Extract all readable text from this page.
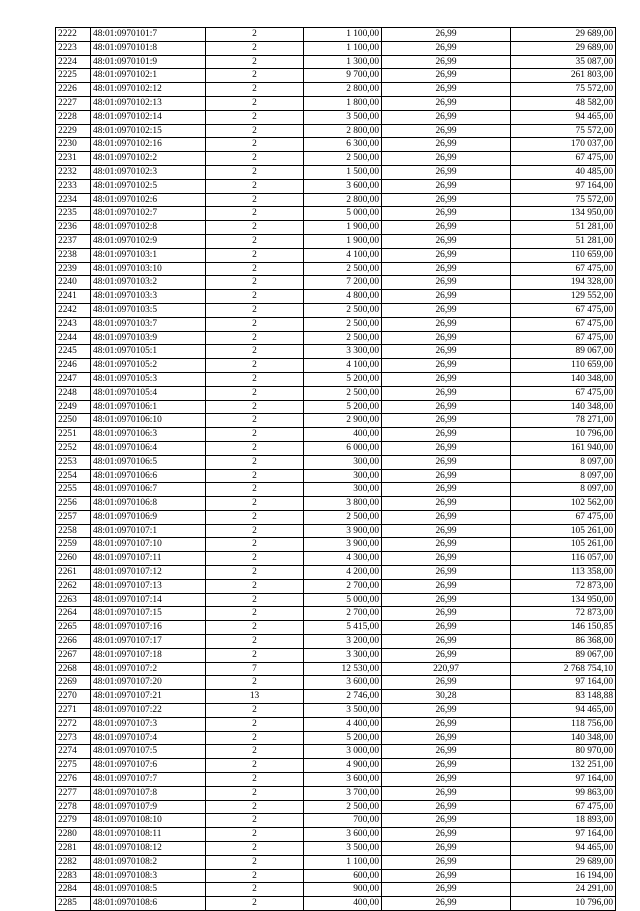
2222	48:01:0970101:7	2	1 100,00	26,99	29 689,00
2223	48:01:0970101:8	2	1 100,00	26,99	29 689,00
2224	48:01:0970101:9	2	1 300,00	26,99	35 087,00
2225	48:01:0970102:1	2	9 700,00	26,99	261 803,00
2226	48:01:0970102:12	2	2 800,00	26,99	75 572,00
2227	48:01:0970102:13	2	1 800,00	26,99	48 582,00
2228	48:01:0970102:14	2	3 500,00	26,99	94 465,00
2229	48:01:0970102:15	2	2 800,00	26,99	75 572,00
2230	48:01:0970102:16	2	6 300,00	26,99	170 037,00
2231	48:01:0970102:2	2	2 500,00	26,99	67 475,00
2232	48:01:0970102:3	2	1 500,00	26,99	40 485,00
2233	48:01:0970102:5	2	3 600,00	26,99	97 164,00
2234	48:01:0970102:6	2	2 800,00	26,99	75 572,00
2235	48:01:0970102:7	2	5 000,00	26,99	134 950,00
2236	48:01:0970102:8	2	1 900,00	26,99	51 281,00
2237	48:01:0970102:9	2	1 900,00	26,99	51 281,00
2238	48:01:0970103:1	2	4 100,00	26,99	110 659,00
2239	48:01:0970103:10	2	2 500,00	26,99	67 475,00
2240	48:01:0970103:2	2	7 200,00	26,99	194 328,00
2241	48:01:0970103:3	2	4 800,00	26,99	129 552,00
2242	48:01:0970103:5	2	2 500,00	26,99	67 475,00
2243	48:01:0970103:7	2	2 500,00	26,99	67 475,00
2244	48:01:0970103:9	2	2 500,00	26,99	67 475,00
2245	48:01:0970105:1	2	3 300,00	26,99	89 067,00
2246	48:01:0970105:2	2	4 100,00	26,99	110 659,00
2247	48:01:0970105:3	2	5 200,00	26,99	140 348,00
2248	48:01:0970105:4	2	2 500,00	26,99	67 475,00
2249	48:01:0970106:1	2	5 200,00	26,99	140 348,00
2250	48:01:0970106:10	2	2 900,00	26,99	78 271,00
2251	48:01:0970106:3	2	400,00	26,99	10 796,00
2252	48:01:0970106:4	2	6 000,00	26,99	161 940,00
2253	48:01:0970106:5	2	300,00	26,99	8 097,00
2254	48:01:0970106:6	2	300,00	26,99	8 097,00
2255	48:01:0970106:7	2	300,00	26,99	8 097,00
2256	48:01:0970106:8	2	3 800,00	26,99	102 562,00
2257	48:01:0970106:9	2	2 500,00	26,99	67 475,00
2258	48:01:0970107:1	2	3 900,00	26,99	105 261,00
2259	48:01:0970107:10	2	3 900,00	26,99	105 261,00
2260	48:01:0970107:11	2	4 300,00	26,99	116 057,00
2261	48:01:0970107:12	2	4 200,00	26,99	113 358,00
2262	48:01:0970107:13	2	2 700,00	26,99	72 873,00
2263	48:01:0970107:14	2	5 000,00	26,99	134 950,00
2264	48:01:0970107:15	2	2 700,00	26,99	72 873,00
2265	48:01:0970107:16	2	5 415,00	26,99	146 150,85
2266	48:01:0970107:17	2	3 200,00	26,99	86 368,00
2267	48:01:0970107:18	2	3 300,00	26,99	89 067,00
2268	48:01:0970107:2	7	12 530,00	220,97	2 768 754,10
2269	48:01:0970107:20	2	3 600,00	26,99	97 164,00
2270	48:01:0970107:21	13	2 746,00	30,28	83 148,88
2271	48:01:0970107:22	2	3 500,00	26,99	94 465,00
2272	48:01:0970107:3	2	4 400,00	26,99	118 756,00
2273	48:01:0970107:4	2	5 200,00	26,99	140 348,00
2274	48:01:0970107:5	2	3 000,00	26,99	80 970,00
2275	48:01:0970107:6	2	4 900,00	26,99	132 251,00
2276	48:01:0970107:7	2	3 600,00	26,99	97 164,00
2277	48:01:0970107:8	2	3 700,00	26,99	99 863,00
2278	48:01:0970107:9	2	2 500,00	26,99	67 475,00
2279	48:01:0970108:10	2	700,00	26,99	18 893,00
2280	48:01:0970108:11	2	3 600,00	26,99	97 164,00
2281	48:01:0970108:12	2	3 500,00	26,99	94 465,00
2282	48:01:0970108:2	2	1 100,00	26,99	29 689,00
2283	48:01:0970108:3	2	600,00	26,99	16 194,00
2284	48:01:0970108:5	2	900,00	26,99	24 291,00
2285	48:01:0970108:6	2	400,00	26,99	10 796,00
